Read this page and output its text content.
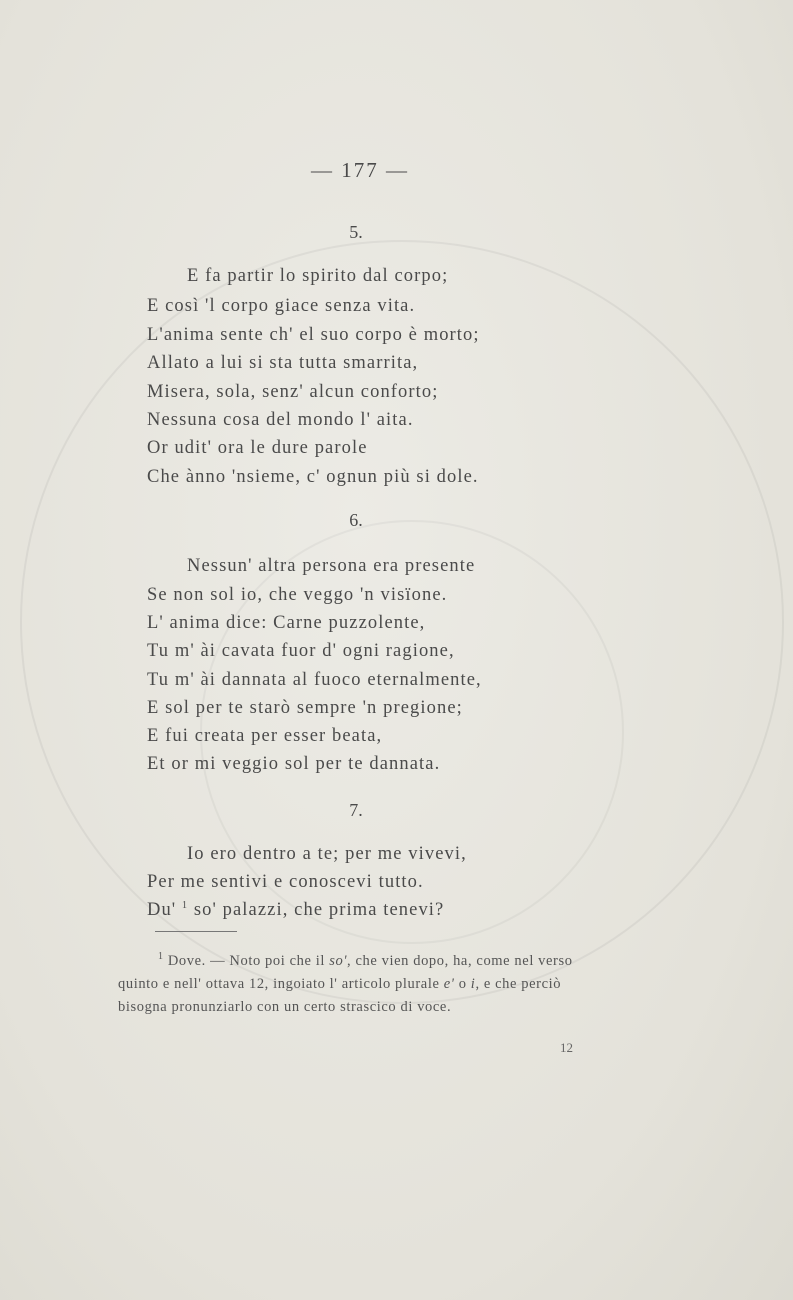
— 177 —
5.
E fa partir lo spirito dal corpo;
E così 'l corpo giace senza vita.
L'anima sente ch' el suo corpo è morto;
Allato a lui si sta tutta smarrita,
Misera, sola, senz' alcun conforto;
Nessuna cosa del mondo l' aita.
Or udit' ora le dure parole
Che ànno 'nsieme, c' ognun più si dole.
6.
Nessun' altra persona era presente
Se non sol io, che veggo 'n visïone.
L' anima dice: Carne puzzolente,
Tu m' ài cavata fuor d' ogni ragione,
Tu m' ài dannata al fuoco eternalmente,
E sol per te starò sempre 'n pregione;
E fui creata per esser beata,
Et or mi veggio sol per te dannata.
7.
Io ero dentro a te; per me vivevi,
Per me sentivi e conoscevi tutto.
Du' $^1$ so' palazzi, che prima tenevi?
$^1$ Dove. — Noto poi che il so', che vien dopo, ha, come nel verso quinto e nell' ottava 12, ingoiato l' articolo plurale e' o i, e che perciò bisogna pronunziarlo con un certo strascico di voce.
12
